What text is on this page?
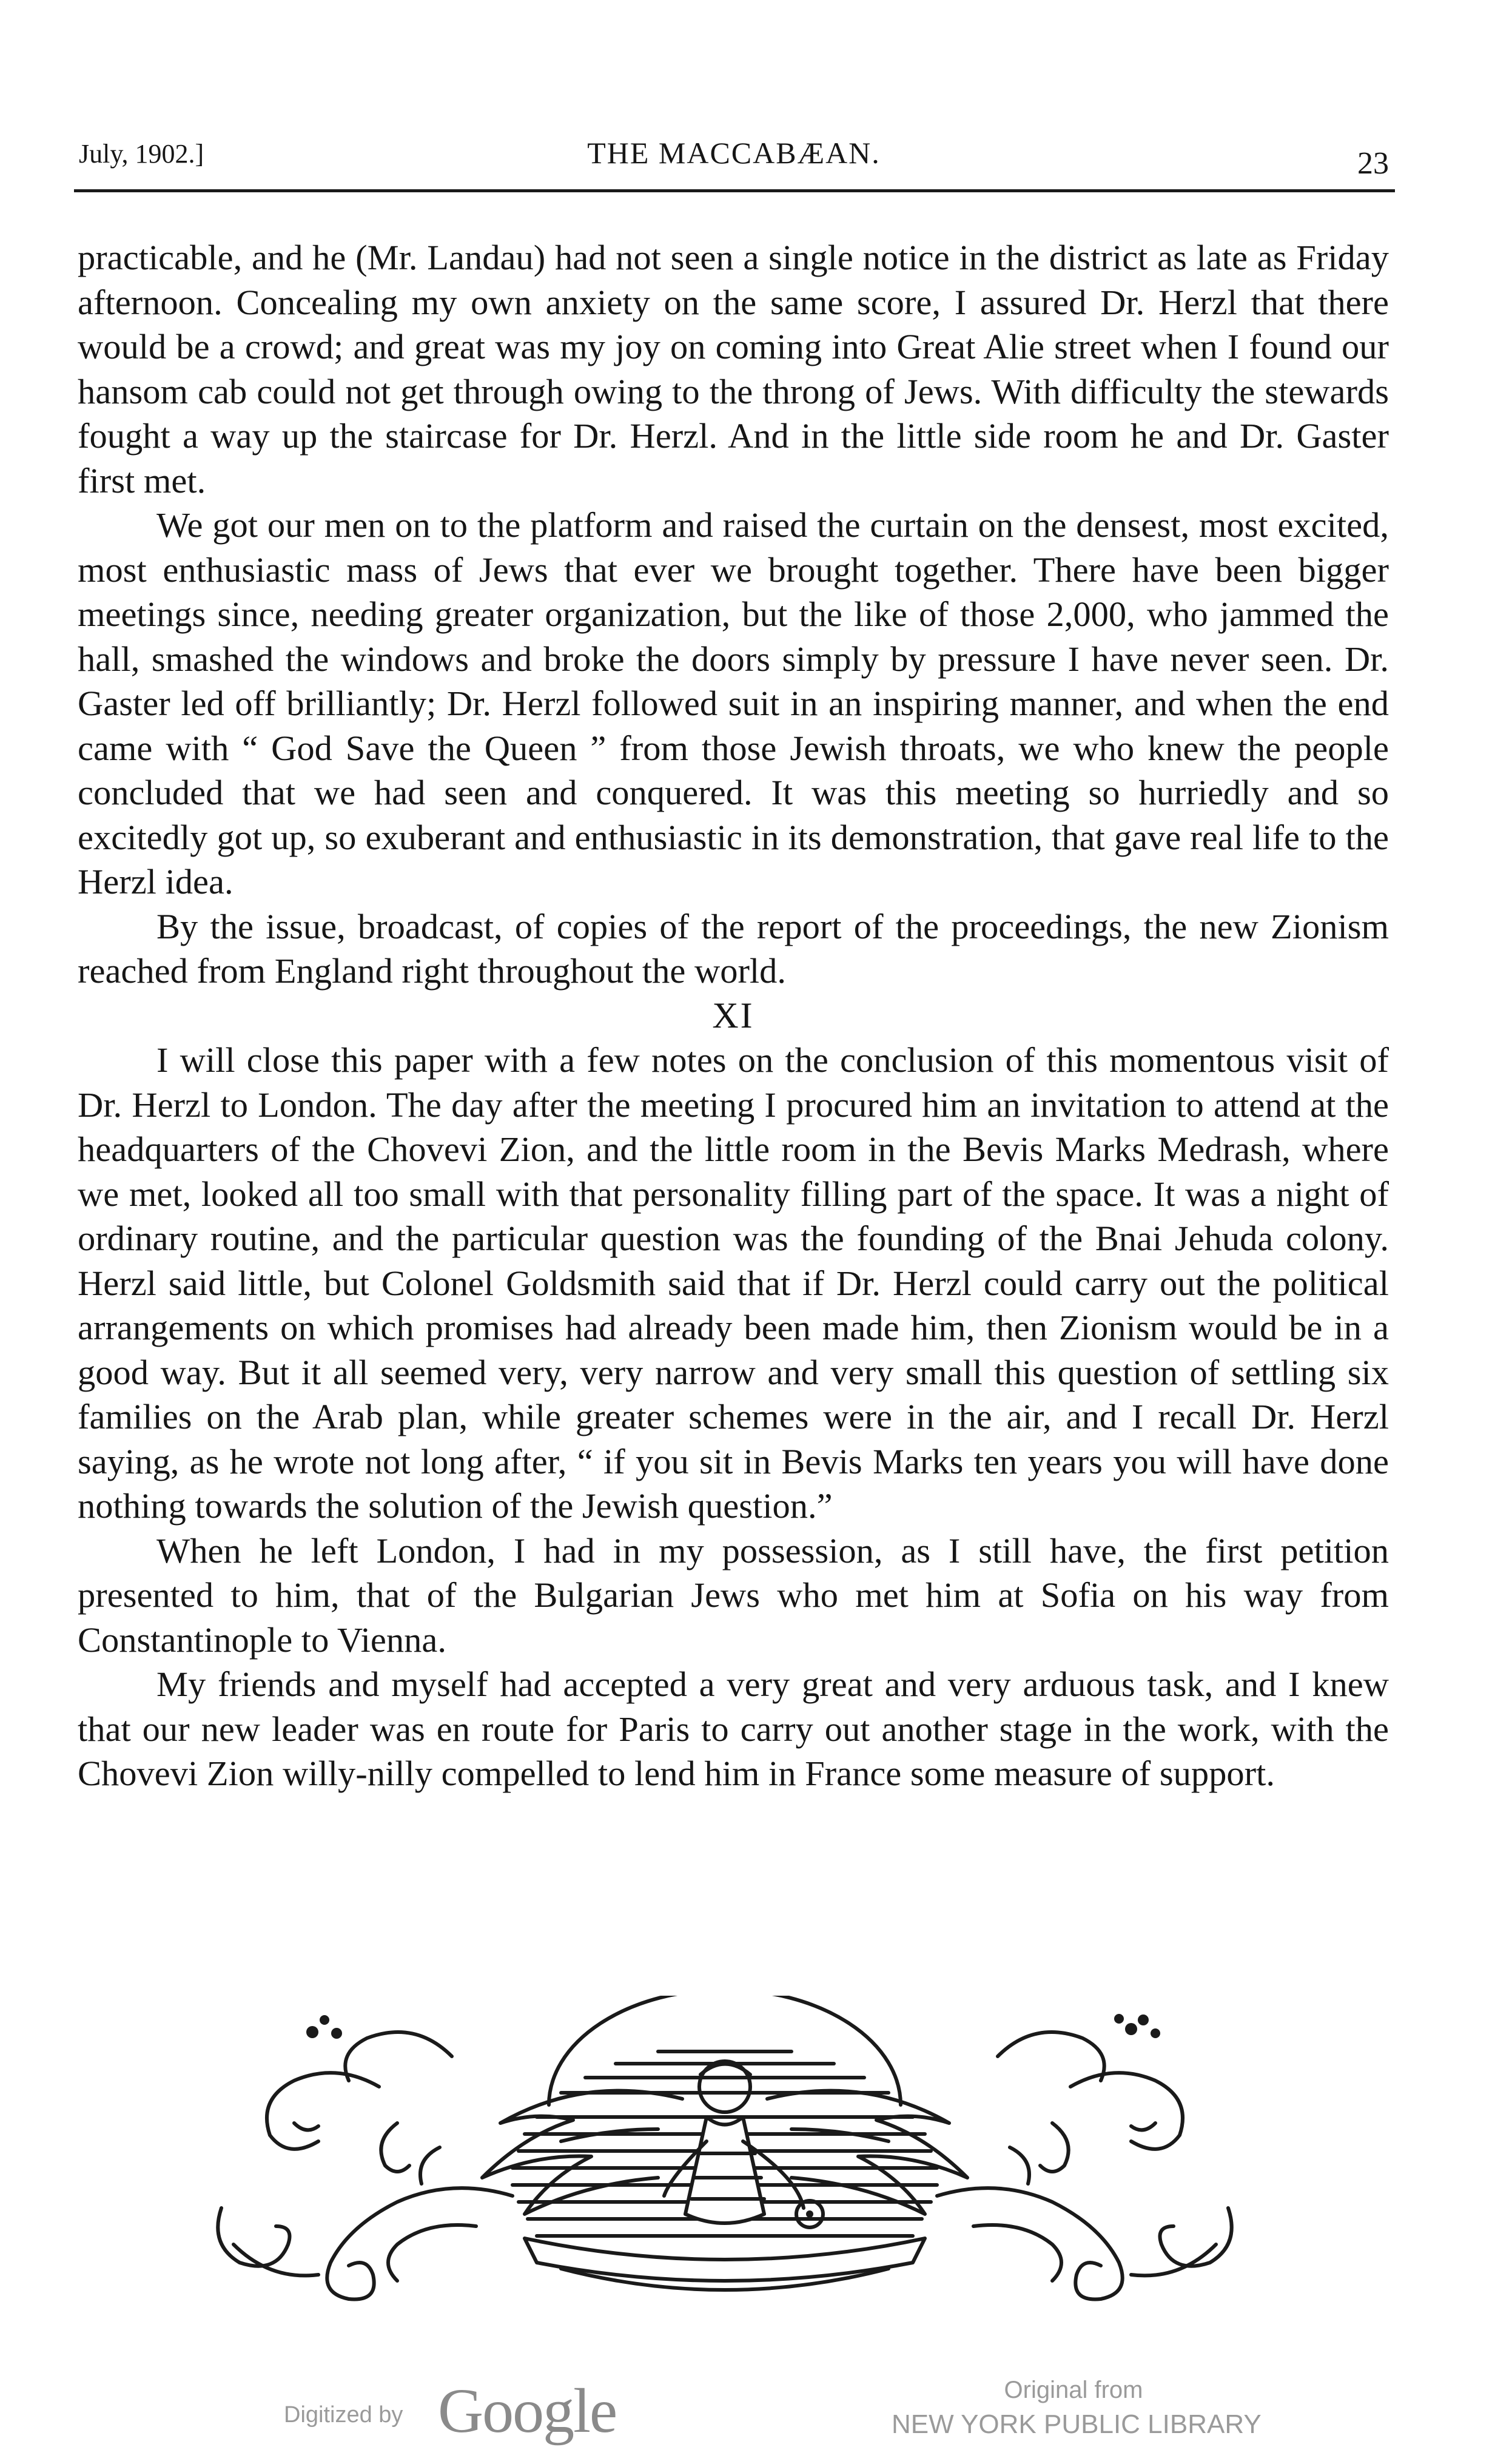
July, 1902.]	THE MACCABÆAN.	23

practicable, and he (Mr. Landau) had not seen a single notice in the district as late as Friday afternoon. Concealing my own anxiety on the same score, I assured Dr. Herzl that there would be a crowd; and great was my joy on coming into Great Alie street when I found our hansom cab could not get through owing to the throng of Jews. With difficulty the stewards fought a way up the staircase for Dr. Herzl. And in the little side room he and Dr. Gaster first met.

We got our men on to the platform and raised the curtain on the densest, most excited, most enthusiastic mass of Jews that ever we brought together. There have been bigger meetings since, needing greater organization, but the like of those 2,000, who jammed the hall, smashed the windows and broke the doors simply by pressure I have never seen. Dr. Gaster led off brilliantly; Dr. Herzl followed suit in an inspiring manner, and when the end came with “ God Save the Queen ” from those Jewish throats, we who knew the people concluded that we had seen and conquered. It was this meeting so hurriedly and so excitedly got up, so exuberant and enthusiastic in its demonstration, that gave real life to the Herzl idea.

By the issue, broadcast, of copies of the report of the proceedings, the new Zionism reached from England right throughout the world.

XI

I will close this paper with a few notes on the conclusion of this momentous visit of Dr. Herzl to London. The day after the meeting I procured him an invitation to attend at the headquarters of the Chovevi Zion, and the little room in the Bevis Marks Medrash, where we met, looked all too small with that personality filling part of the space. It was a night of ordinary routine, and the particular question was the founding of the Bnai Jehuda colony. Herzl said little, but Colonel Goldsmith said that if Dr. Herzl could carry out the political arrangements on which promises had already been made him, then Zionism would be in a good way. But it all seemed very, very narrow and very small this question of settling six families on the Arab plan, while greater schemes were in the air, and I recall Dr. Herzl saying, as he wrote not long after, “ if you sit in Bevis Marks ten years you will have done nothing towards the solution of the Jewish question.”

When he left London, I had in my possession, as I still have, the first petition presented to him, that of the Bulgarian Jews who met him at Sofia on his way from Constantinople to Vienna.

My friends and myself had accepted a very great and very arduous task, and I knew that our new leader was en route for Paris to carry out another stage in the work, with the Chovevi Zion willy-nilly compelled to lend him in France some measure of support.

Digitized by Google	Original from
NEW YORK PUBLIC LIBRARY
